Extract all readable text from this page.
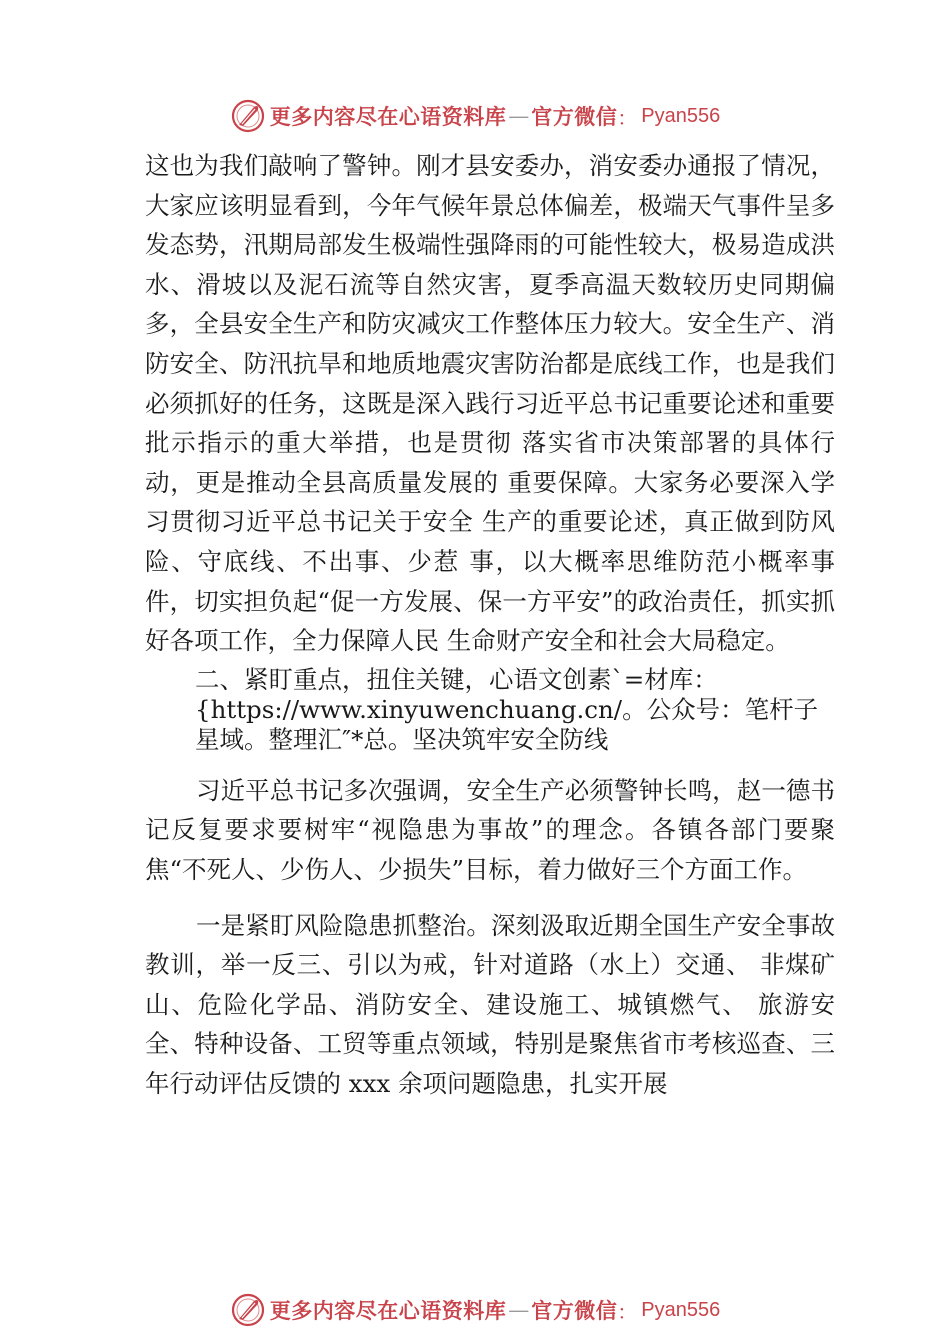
更多内容尽在心语资料库 — 官方微信 ： Pyan556

这也为我们敲响了警钟。刚才县安委办，消安委办通报了情况，大家应该明显看到，今年气候年景总体偏差，极端天气事件呈多发态势，汛期局部发生极端性强降雨的可能性较大，极易造成洪水、滑坡以及泥石流等自然灾害，夏季高温天数较历史同期偏多，全县安全生产和防灾减灾工作整体压力较大。安全生产、消防安全、防汛抗旱和地质地震灾害防治都是底线工作，也是我们必须抓好的任务，这既是深入践行习近平总书记重要论述和重要批示指示的重大举措，也是贯彻 落实省市决策部署的具体行动，更是推动全县高质量发展的 重要保障。大家务必要深入学习贯彻习近平总书记关于安全 生产的重要论述，真正做到防风险、守底线、不出事、少惹 事，以大概率思维防范小概率事件，切实担负起“促一方发展、保一方平安”的政治责任，抓实抓好各项工作，全力保障人民 生命财产安全和社会大局稳定。

二、紧盯重点，扭住关键，心语文创素`=材库：{https://www.xinyuwenchuang.cn/。公众号：笔杆子星域。整理汇″*总。坚决筑牢安全防线

习近平总书记多次强调，安全生产必须警钟长鸣，赵一德书记反复要求要树牢“视隐患为事故”的理念。各镇各部门要聚焦“不死人、少伤人、少损失”目标，着力做好三个方面工作。

一是紧盯风险隐患抓整治。深刻汲取近期全国生产安全事故教训，举一反三、引以为戒，针对道路（水上）交通、 非煤矿山、危险化学品、消防安全、建设施工、城镇燃气、 旅游安全、特种设备、工贸等重点领域，特别是聚焦省市考核巡查、三年行动评估反馈的 xxx 余项问题隐患，扎实开展

更多内容尽在心语资料库 — 官方微信 ： Pyan556
